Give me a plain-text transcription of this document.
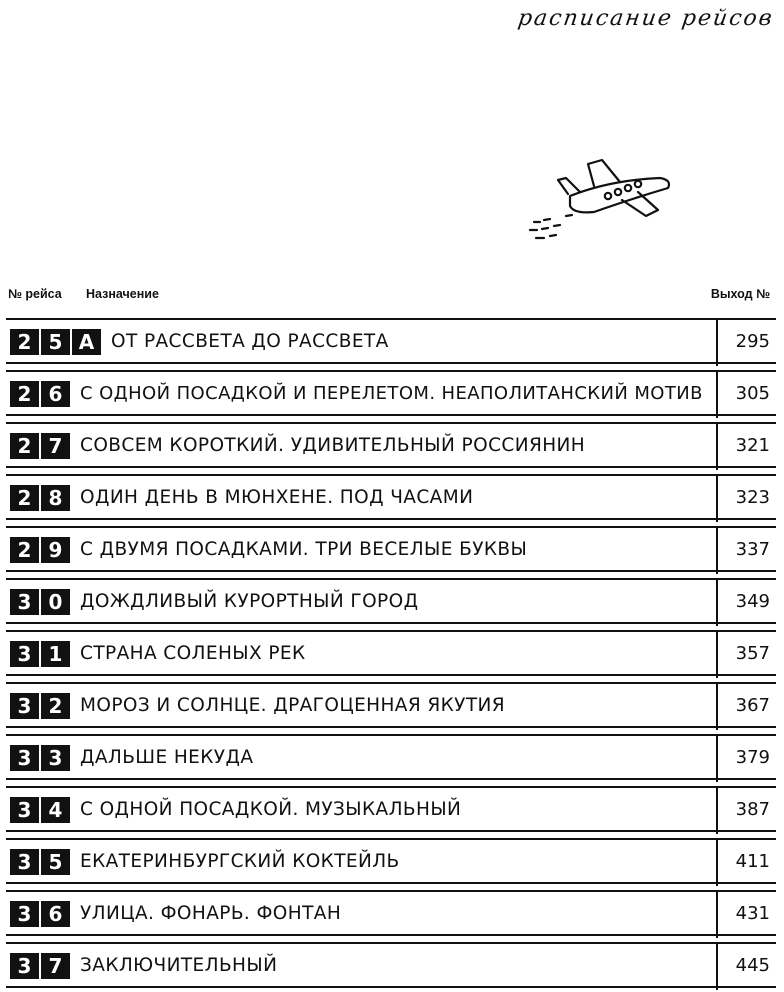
расписание рейсов
№ рейса Назначение	Выход №
2 5 A ОТ РАССВЕТА ДО РАССВЕТА	295
2 6 С ОДНОЙ ПОСАДКОЙ И ПЕРЕЛЕТОМ. НЕАПОЛИТАНСКИЙ МОТИВ 305
2 7 СОВСЕМ КОРОТКИЙ. УДИВИТЕЛЬНЫЙ РОССИЯНИН	321
2 8 ОДИН ДЕНЬ В МЮНХЕНЕ. ПОД ЧАСАМИ	323
2 9 С ДВУМЯ ПОСАДКАМИ. ТРИ ВЕСЕЛЫЕ БУКВЫ	337
3 0 ДОЖДЛИВЫЙ КУРОРТНЫЙ ГОРОД	349
3 1 СТРАНА СОЛЕНЫХ РЕК	357
3 2 МОРОЗ И СОЛНЦЕ. ДРАГОЦЕННАЯ ЯКУТИЯ	367
3 3 ДАЛЬШЕ НЕКУДА	379
3 4 С ОДНОЙ ПОСАДКОЙ. МУЗЫКАЛЬНЫЙ	387
3 5 ЕКАТЕРИНБУРГСКИЙ КОКТЕЙЛЬ	411
3 6 УЛИЦА. ФОНАРЬ. ФОНТАН	431
3 7 ЗАКЛЮЧИТЕЛЬНЫЙ	445
